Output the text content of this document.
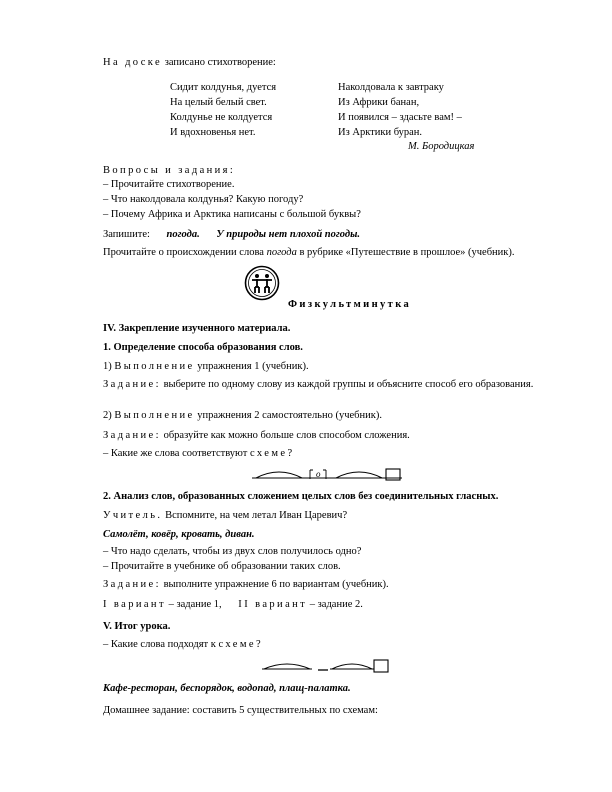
На доске записано стихотворение:
Сидит колдунья, дуется
На целый белый свет.
Колдунье не колдуется
И вдохновенья нет.
Наколдовала к завтраку
Из Африки банан,
И появился – здасьте вам! –
Из Арктики буран.
М. Бородицкая
Вопросы и задания:
– Прочитайте стихотворение.
– Что наколдовала колдунья? Какую погоду?
– Почему Африка и Арктика написаны с большой буквы?
Запишите: погода. У природы нет плохой погоды.
Прочитайте о происхождении слова погода в рубрике «Путешествие в прошлое» (учебник).
Физкультминутка
IV. Закрепление изученного материала.
1. Определение способа образования слов.
1) Выполнение упражнения 1 (учебник).
Задание: выберите по одному слову из каждой группы и объясните способ его образования.
2) Выполнение упражнения 2 самостоятельно (учебник).
Задание: образуйте как можно больше слов способом сложения.
– Какие же слова соответствуют схеме?
о
2. Анализ слов, образованных сложением целых слов без соединительных гласных.
Учитель. Вспомните, на чем летал Иван Царевич?
Самолёт, ковёр, кровать, диван.
– Что надо сделать, чтобы из двух слов получилось одно?
– Прочитайте в учебнике об образовании таких слов.
Задание: выполните упражнение 6 по вариантам (учебник).
I вариант – задание 1, II вариант – задание 2.
V. Итог урока.
– Какие слова подходят к схеме?
Кафе-ресторан, беспорядок, водопад, плащ-палатка.
Домашнее задание: составить 5 существительных по схемам:
